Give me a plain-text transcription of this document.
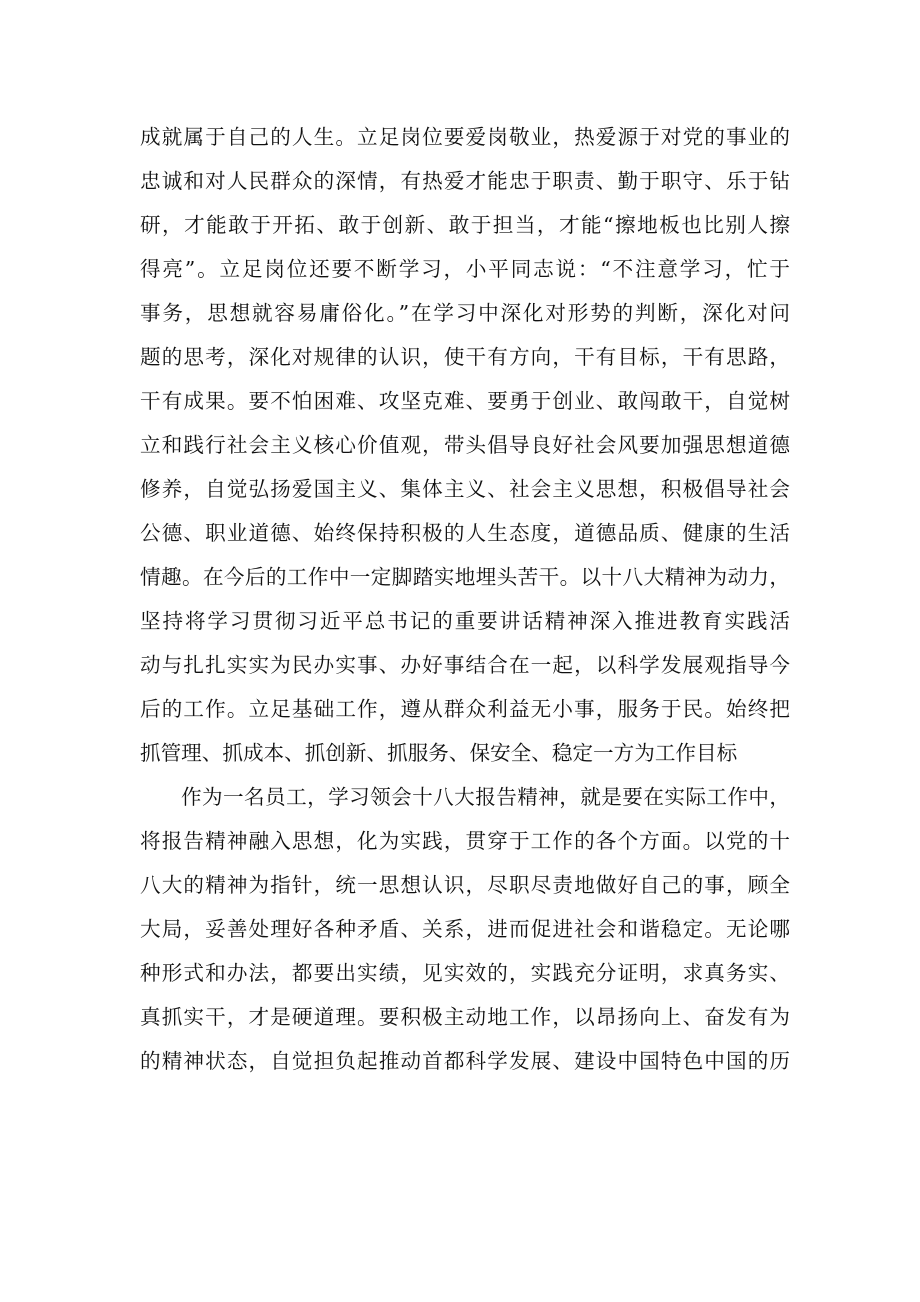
成就属于自己的人生。立足岗位要爱岗敬业，热爱源于对党的事业的
忠诚和对人民群众的深情，有热爱才能忠于职责、勤于职守、乐于钻
研，才能敢于开拓、敢于创新、敢于担当，才能“擦地板也比别人擦
得亮”。立足岗位还要不断学习，小平同志说：“不注意学习，忙于
事务，思想就容易庸俗化。”在学习中深化对形势的判断，深化对问
题的思考，深化对规律的认识，使干有方向，干有目标，干有思路，
干有成果。要不怕困难、攻坚克难、要勇于创业、敢闯敢干，自觉树
立和践行社会主义核心价值观，带头倡导良好社会风要加强思想道德
修养，自觉弘扬爱国主义、集体主义、社会主义思想，积极倡导社会
公德、职业道德、始终保持积极的人生态度，道德品质、健康的生活
情趣。在今后的工作中一定脚踏实地埋头苦干。以十八大精神为动力，
坚持将学习贯彻习近平总书记的重要讲话精神深入推进教育实践活
动与扎扎实实为民办实事、办好事结合在一起，以科学发展观指导今
后的工作。立足基础工作，遵从群众利益无小事，服务于民。始终把
抓管理、抓成本、抓创新、抓服务、保安全、稳定一方为工作目标
作为一名员工，学习领会十八大报告精神，就是要在实际工作中，
将报告精神融入思想，化为实践，贯穿于工作的各个方面。以党的十
八大的精神为指针，统一思想认识，尽职尽责地做好自己的事，顾全
大局，妥善处理好各种矛盾、关系，进而促进社会和谐稳定。无论哪
种形式和办法，都要出实绩，见实效的，实践充分证明，求真务实、
真抓实干，才是硬道理。要积极主动地工作，以昂扬向上、奋发有为
的精神状态，自觉担负起推动首都科学发展、建设中国特色中国的历
